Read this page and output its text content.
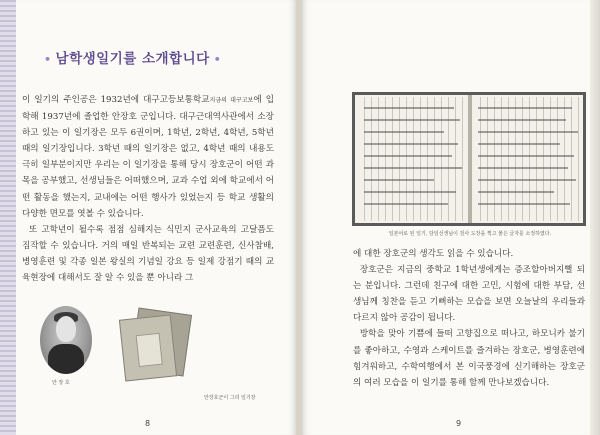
• 남학생일기를 소개합니다 •

이 일기의 주인공은 1932년에 대구고등보통학교지금의 대구고보에 입학해 1937년에 졸업한 안장호 군입니다. 대구근대역사관에서 소장하고 있는 이 일기장은 모두 6권이며, 1학년, 2학년, 4학년, 5학년 때의 일기장입니다. 3학년 때의 일기장은 없고, 4학년 때의 내용도 극히 일부분이지만 우리는 이 일기장을 통해 당시 장호군이 어떤 과목을 공부했고, 선생님들은 어떠했으며, 교과 수업 외에 학교에서 어떤 활동을 했는지, 교내에는 어떤 행사가 있었는지 등 학교 생활의 다양한 면모를 엿볼 수 있습니다.

또 고학년이 될수록 점점 심해지는 식민지 군사교육의 고달픔도 짐작할 수 있습니다. 거의 매일 반복되는 교련 교련훈련, 신사참배, 병영훈련 및 각종 일본 왕실의 기념일 강요 등 일제 강점기 때의 교육현장에 대해서도 잘 알 수 있을 뿐 아니라 그

안 장 호
안장호군이 그리 일기장
8
일본어로 된 일기, 담임선생님이 검사 도장을 찍고 붉은 글자를 소정하였다.

에 대한 장호군의 생각도 읽을 수 있습니다.

장호군은 지금의 중학교 1학년생에게는 증조할아버지뻘 되는 분입니다. 그런데 친구에 대한 고민, 시험에 대한 부담, 선생님께 칭찬을 듣고 기뻐하는 모습을 보면 오늘날의 우리들과 다르지 않아 공감이 됩니다.

방학을 맞아 기쁨에 들떠 고향집으로 떠나고, 하모니카 불기를 좋아하고, 수영과 스케이트를 즐겨하는 장호군, 병영훈련에 힘겨워하고, 수학여행에서 본 이국풍경에 신기해하는 장호군의 여러 모습을 이 일기를 통해 함께 만나보겠습니다.

9
